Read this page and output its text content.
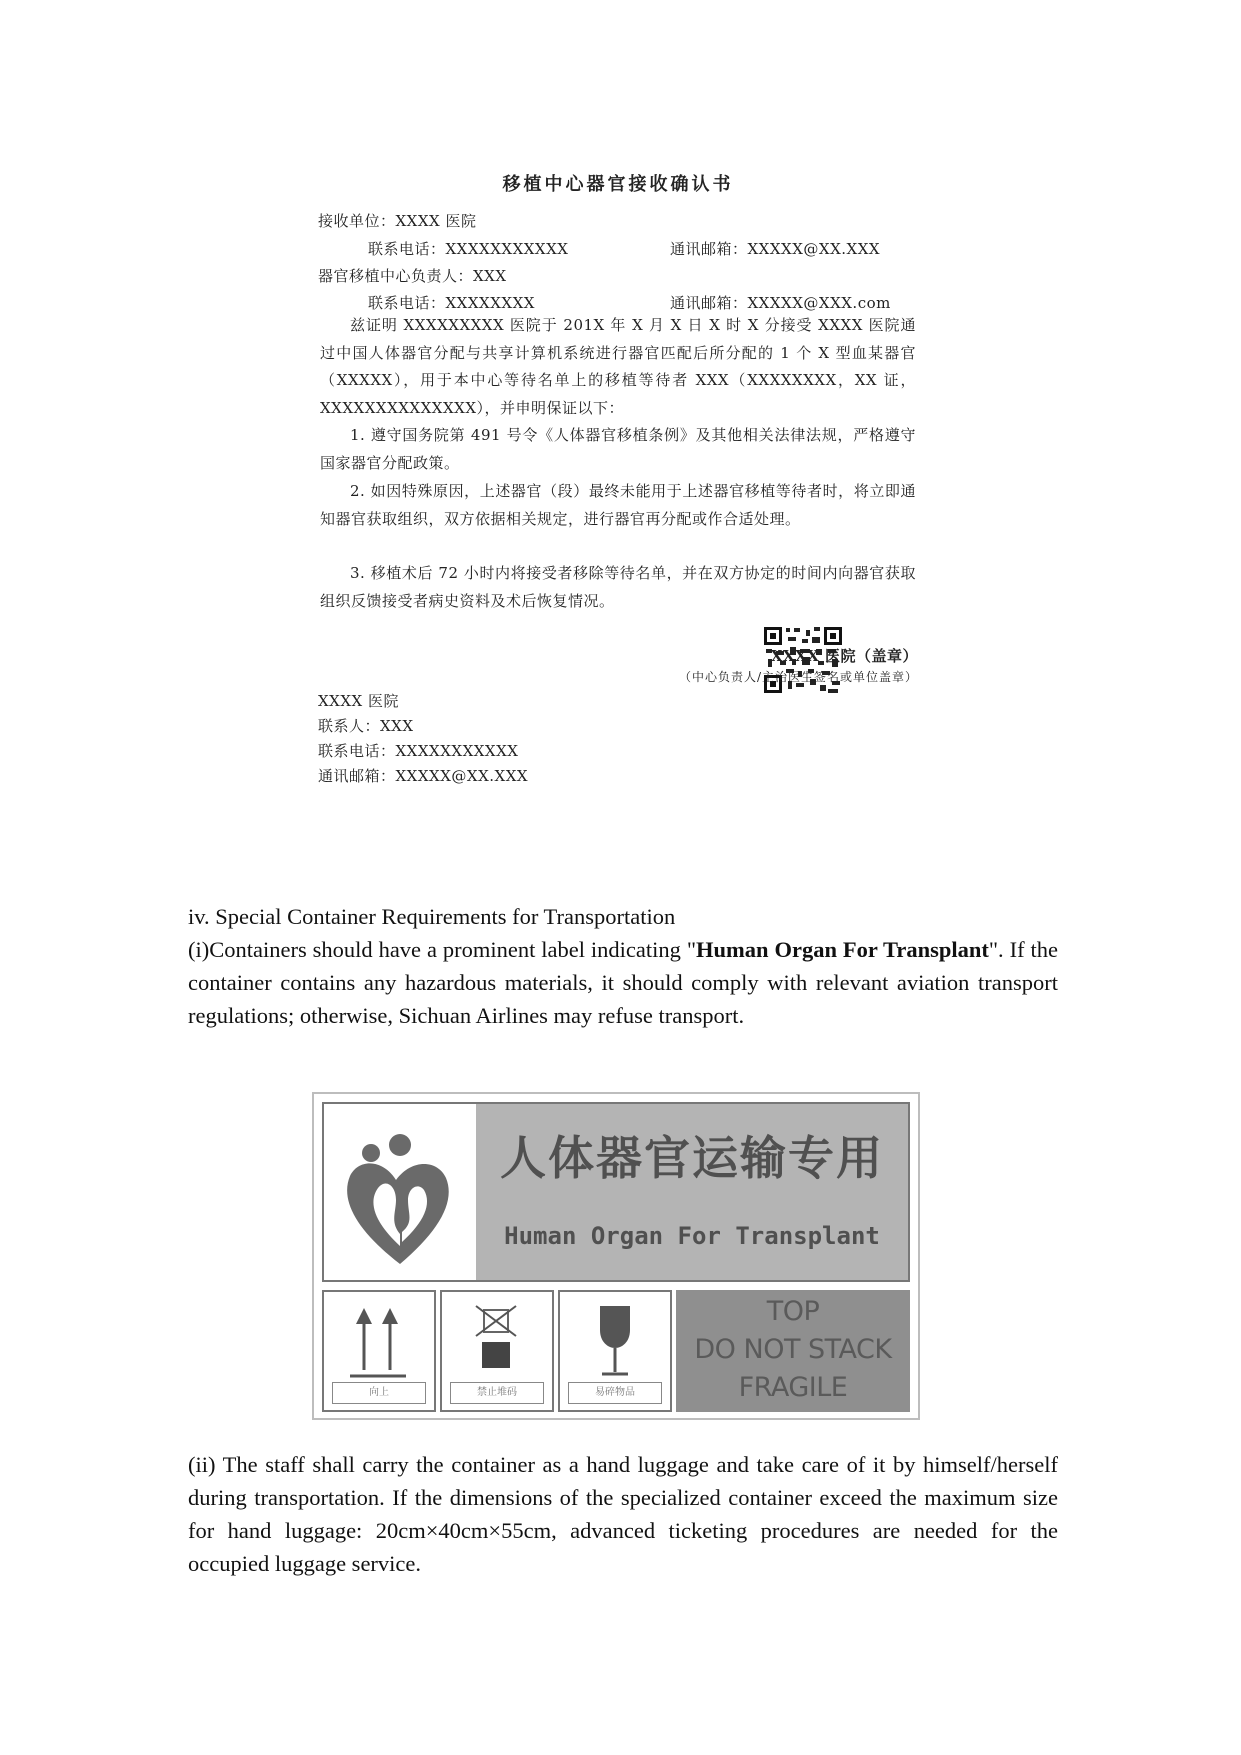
移植中心器官接收确认书
接收单位：XXXX 医院
联系电话：XXXXXXXXXXX	通讯邮箱：XXXXX@XX.XXX
器官移植中心负责人：XXX
联系电话：XXXXXXXX	通讯邮箱：XXXXX@XXX.com
兹证明 XXXXXXXXX 医院于 201X 年 X 月 X 日 X 时 X 分接受 XXXX 医院通过中国人体器官分配与共享计算机系统进行器官匹配后所分配的 1 个 X 型血某器官（XXXXX），用于本中心等待名单上的移植等待者 XXX（XXXXXXXX，XX 证，XXXXXXXXXXXXXX），并申明保证以下：
1. 遵守国务院第 491 号令《人体器官移植条例》及其他相关法律法规，严格遵守国家器官分配政策。
2. 如因特殊原因，上述器官（段）最终未能用于上述器官移植等待者时，将立即通知器官获取组织，双方依据相关规定，进行器官再分配或作合适处理。
3. 移植术后 72 小时内将接受者移除等待名单，并在双方协定的时间内向器官获取组织反馈接受者病史资料及术后恢复情况。
XXXX 医院（盖章）
（中心负责人/主治医生签名或单位盖章）
XXXX 医院
联系人：XXX
联系电话：XXXXXXXXXXX
通讯邮箱：XXXXX@XX.XXX
iv. Special Container Requirements for Transportation
(i)Containers should have a prominent label indicating "Human Organ For Transplant". If the container contains any hazardous materials, it should comply with relevant aviation transport regulations; otherwise, Sichuan Airlines may refuse transport.
人体器官运输专用
Human Organ For Transplant
向上	禁止堆码	易碎物品
TOP
DO NOT STACK
FRAGILE
(ii) The staff shall carry the container as a hand luggage and take care of it by himself/herself during transportation. If the dimensions of the specialized container exceed the maximum size for hand luggage: 20cm×40cm×55cm, advanced ticketing procedures are needed for the occupied luggage service.
